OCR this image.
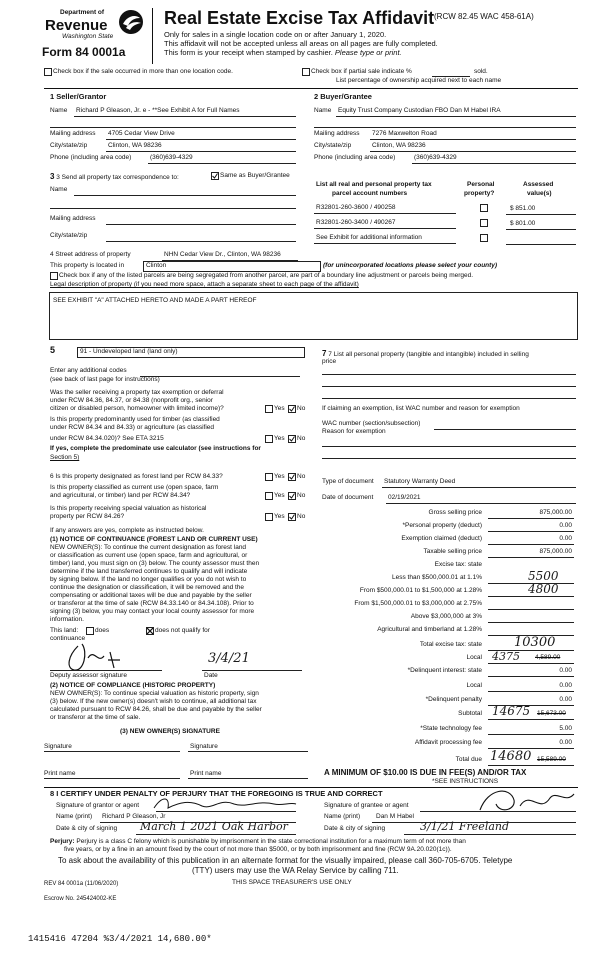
Department of
Revenue
Washington State
Form 84 0001a
Real Estate Excise Tax Affidavit (RCW 82.45 WAC 458-61A)
Only for sales in a single location code on or after January 1, 2020.
This affidavit will not be accepted unless all areas on all pages are fully completed.
This form is your receipt when stamped by cashier. Please type or print.
Check box if the sale occurred in more than one location code.	Check box if partial sale indicate %	sold.
List percentage of ownership acquired next to each name
1 Seller/Grantor
Name Richard P Gleason, Jr. e - **See Exhibit A for Full Names
Mailing address 4705 Cedar View Drive
City/state/zip	Clinton, WA 98236
Phone (including area code)	(360)639-4329
2 Buyer/Grantee
Name Equity Trust Company Custodian FBO Dan M Habel IRA
Mailing address 7276 Maxwelton Road
City/state/zip	Clinton, WA 98236
Phone (including area code)	(360)639-4329
3 3 Send all property tax correspondence to:	Same as Buyer/Grantee
Name
Mailing address
City/state/zip
List all real and personal property tax
parcel account numbers
Personal
property?
Assessed
value(s)
R32801-260-3600 / 490258	$ 851.00
R32801-260-3400 / 490267	$ 801.00
See Exhibit for additional information
4 Street address of property	NHN Cedar View Dr., Clinton, WA 98236
This property is located in	Clinton	(for unincorporated locations please select your county)
Check box if any of the listed parcels are being segregated from another parcel, are part of a boundary line adjustment or parcels being merged.
Legal description of property (if you need more space, attach a separate sheet to each page of the affidavit)
SEE EXHIBIT "A" ATTACHED HERETO AND MADE A PART HEREOF
5	91 - Undeveloped land (land only)
Enter any additional codes
(see back of last page for instructions)
Was the seller receiving a property tax exemption or deferral
under RCW 84.36, 84.37, or 84.38 (nonprofit org., senior
citizen or disabled person, homeowner with limited income)?	Yes No
Is this property predominantly used for timber (as classified
under RCW 84.34 and 84.33) or agriculture (as classified
under RCW 84.34.020)? See ETA 3215	Yes No
If yes, complete the predominate use calculator (see instructions for
Section 5)
7 7 List all personal property (tangible and intangible) included in selling
price
If claiming an exemption, list WAC number and reason for exemption
WAC number (section/subsection)
Reason for exemption
Type of document Statutory Warranty Deed
Date of document 02/19/2021
6 Is this property designated as forest land per RCW 84.33?	Yes No
Is this property classified as current use (open space, farm
and agricultural, or timber) land per RCW 84.34?	Yes No
Is this property receiving special valuation as historical
property per RCW 84.26?	Yes No
If any answers are yes, complete as instructed below.
(1) NOTICE OF CONTINUANCE (FOREST LAND OR CURRENT USE)
NEW OWNER(S): To continue the current designation as forest land
or classification as current use (open space, farm and agricultural, or
timber) land, you must sign on (3) below. The county assessor must then
determine if the land transferred continues to qualify and will indicate
by signing below. If the land no longer qualifies or you do not wish to
continue the designation or classification, it will be removed and the
compensating or additional taxes will be due and payable by the seller
or transferor at the time of sale (RCW 84.33.140 or 84.34.108). Prior to
signing (3) below, you may contact your local county assessor for more
information.
This land:	does
continuance
does not qualify for
3/4/21
Deputy assessor signature	Date
(2) NOTICE OF COMPLIANCE (HISTORIC PROPERTY)
NEW OWNER(S): To continue special valuation as historic property, sign
(3) below. If the new owner(s) doesn't wish to continue, all additional tax
calculated pursuant to RCW 84.26, shall be due and payable by the seller
or transferor at the time of sale.
(3) NEW OWNER(S) SIGNATURE
Signature	Signature
Print name	Print name
Gross selling price	875,000.00
*Personal property (deduct)	0.00
Exemption claimed (deduct)	0.00
Taxable selling price	875,000.00
Excise tax: state
Less than $500,000.01 at 1.1%	5500
From $500,000.01 to $1,500,000 at 1.28%	4800
From $1,500,000.01 to $3,000,000 at 2.75%
Above $3,000,000 at 3%
Agricultural and timberland at 1.28%
Total excise tax: state 10300
Local 4375 4,589.00
*Delinquent interest: state	0.00
Local	0.00
*Delinquent penalty	0.00
Subtotal 14675 15,673.00
*State technology fee	5.00
Affidavit processing fee	0.00
Total due 14680 15,589.00
A MINIMUM OF $10.00 IS DUE IN FEE(S) AND/OR TAX
*SEE INSTRUCTIONS
8 I CERTIFY UNDER PENALTY OF PERJURY THAT THE FOREGOING IS TRUE AND CORRECT
Signature of grantor or agent
Name (print) Richard P Gleason, Jr
Date & city of signing March 1 2021 Oak Harbor
Signature of grantee or agent
Name (print) Dan M Habel
Date & city of signing	3/1/21 Freeland
Perjury: Perjury is a class C felony which is punishable by imprisonment in the state correctional institution for a maximum term of not more than
five years, or by a fine in an amount fixed by the court of not more than $5000, or by both imprisonment and fine (RCW 9A.20.020(1c)).
To ask about the availability of this publication in an alternate format for the visually impaired, please call 360-705-6705. Teletype
(TTY) users may use the WA Relay Service by calling 711.
REV 84 0001a (11/06/2020)	THIS SPACE TREASURER'S USE ONLY
Escrow No. 245424002-KE
1415416 47204 %3/4/2021 14,680.00*
